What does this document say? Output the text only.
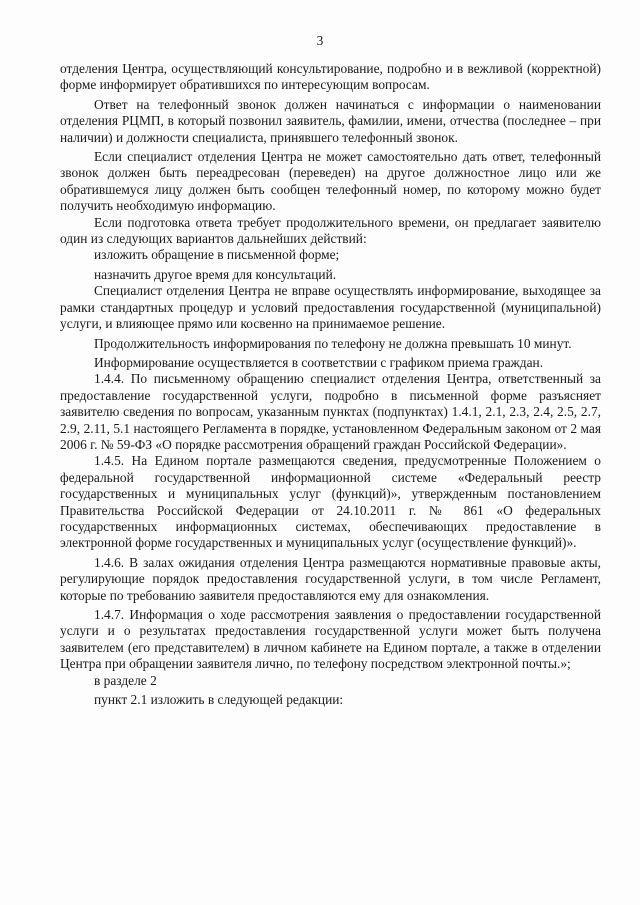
3

отделения Центра, осуществляющий консультирование, подробно и в вежливой (корректной) форме информирует обратившихся по интересующим вопросам.

Ответ на телефонный звонок должен начинаться с информации о наименовании отделения РЦМП, в который позвонил заявитель, фамилии, имени, отчества (последнее – при наличии) и должности специалиста, принявшего телефонный звонок.

Если специалист отделения Центра не может самостоятельно дать ответ, телефонный звонок должен быть переадресован (переведен) на другое должностное лицо или же обратившемуся лицу должен быть сообщен телефонный номер, по которому можно будет получить необходимую информацию.

Если подготовка ответа требует продолжительного времени, он предлагает заявителю один из следующих вариантов дальнейших действий:

изложить обращение в письменной форме;

назначить другое время для консультаций.

Специалист отделения Центра не вправе осуществлять информирование, выходящее за рамки стандартных процедур и условий предоставления государственной (муниципальной) услуги, и влияющее прямо или косвенно на принимаемое решение.

Продолжительность информирования по телефону не должна превышать 10 минут.

Информирование осуществляется в соответствии с графиком приема граждан.

1.4.4. По письменному обращению специалист отделения Центра, ответственный за предоставление государственной услуги, подробно в письменной форме разъясняет заявителю сведения по вопросам, указанным пунктах (подпунктах) 1.4.1, 2.1, 2.3, 2.4, 2.5, 2.7, 2.9, 2.11, 5.1 настоящего Регламента в порядке, установленном Федеральным законом от 2 мая 2006 г. № 59-ФЗ «О порядке рассмотрения обращений граждан Российской Федерации».

1.4.5. На Едином портале размещаются сведения, предусмотренные Положением о федеральной государственной информационной системе «Федеральный реестр государственных и муниципальных услуг (функций)», утвержденным постановлением Правительства Российской Федерации от 24.10.2011 г. № 861 «О федеральных государственных информационных системах, обеспечивающих предоставление в электронной форме государственных и муниципальных услуг (осуществление функций)».

1.4.6. В залах ожидания отделения Центра размещаются нормативные правовые акты, регулирующие порядок предоставления государственной услуги, в том числе Регламент, которые по требованию заявителя предоставляются ему для ознакомления.

1.4.7. Информация о ходе рассмотрения заявления о предоставлении государственной услуги и о результатах предоставления государственной услуги может быть получена заявителем (его представителем) в личном кабинете на Едином портале, а также в отделении Центра при обращении заявителя лично, по телефону посредством электронной почты.»;

в разделе 2

пункт 2.1 изложить в следующей редакции:
